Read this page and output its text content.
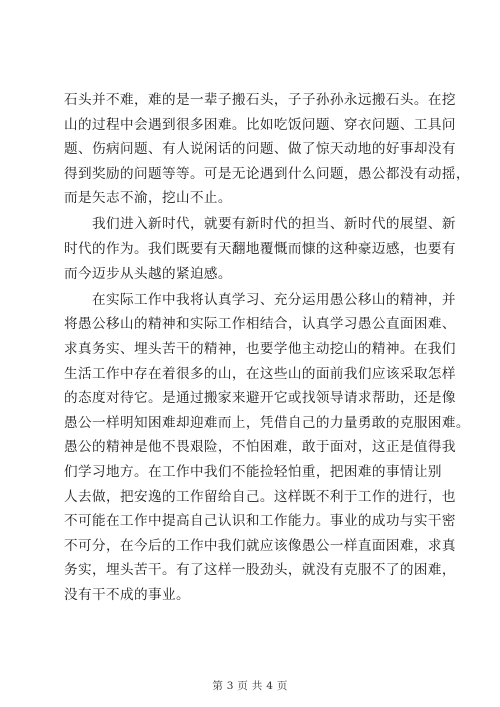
石头并不难，难的是一辈子搬石头，子子孙孙永远搬石头。在挖
山的过程中会遇到很多困难。比如吃饭问题、穿衣问题、工具问
题、伤病问题、有人说闲话的问题、做了惊天动地的好事却没有
得到奖励的问题等等。可是无论遇到什么问题，愚公都没有动摇，
而是矢志不渝，挖山不止。
我们进入新时代，就要有新时代的担当、新时代的展望、新
时代的作为。我们既要有天翻地覆慨而慷的这种豪迈感，也要有
而今迈步从头越的紧迫感。
在实际工作中我将认真学习、充分运用愚公移山的精神，并
将愚公移山的精神和实际工作相结合，认真学习愚公直面困难、
求真务实、埋头苦干的精神，也要学他主动挖山的精神。在我们
生活工作中存在着很多的山，在这些山的面前我们应该采取怎样
的态度对待它。是通过搬家来避开它或找领导请求帮助，还是像
愚公一样明知困难却迎难而上，凭借自己的力量勇敢的克服困难。
愚公的精神是他不畏艰险，不怕困难，敢于面对，这正是值得我
们学习地方。在工作中我们不能捡轻怕重，把困难的事情让别
人去做，把安逸的工作留给自己。这样既不利于工作的进行，也
不可能在工作中提高自己认识和工作能力。事业的成功与实干密
不可分，在今后的工作中我们就应该像愚公一样直面困难，求真
务实，埋头苦干。有了这样一股劲头，就没有克服不了的困难，
没有干不成的事业。
第 3 页 共 4 页
